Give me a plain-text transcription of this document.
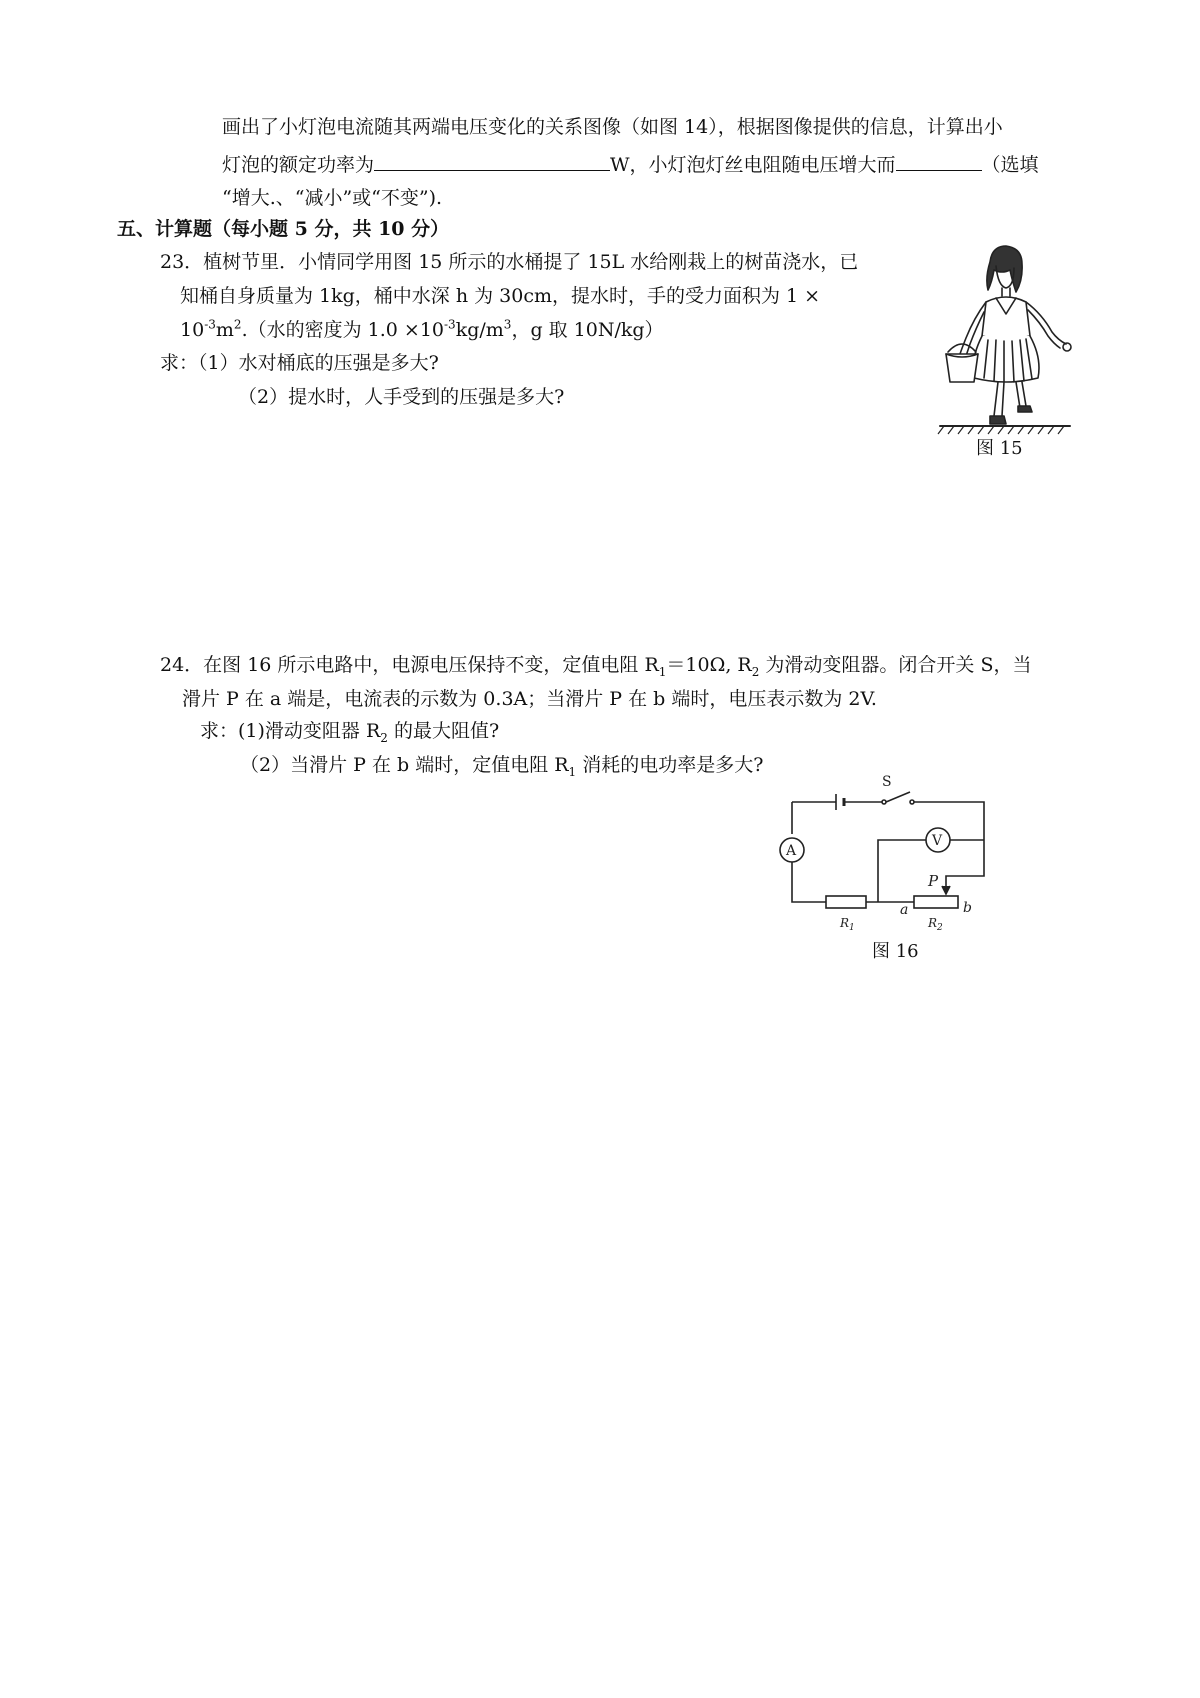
画出了小灯泡电流随其两端电压变化的关系图像（如图 14），根据图像提供的信息，计算出小
灯泡的额定功率为	W，小灯泡灯丝电阻随电压增大而	（选填
“增大.、“减小”或“不变”).
五、计算题（每小题 5 分，共 10 分）
23．植树节里．小情同学用图 15 所示的水桶提了 15L 水给刚栽上的树苗浇水，已
知桶自身质量为 1kg，桶中水深 h 为 30cm，提水时，手的受力面积为 1 ×
$10^{-3}m^2$.（水的密度为 $1.0 \times 10^{-3}kg/m^3$，g 取 10N/kg）
求：（1）水对桶底的压强是多大?
（2）提水时，人手受到的压强是多大?
图 15
24．在图 16 所示电路中，电源电压保持不变，定值电阻 $R_1=10\Omega$, $R_2$ 为滑动变阻器。闭合开关 S，当
滑片 P 在 a 端是，电流表的示数为 0.3A；当滑片 P 在 b 端时，电压表示数为 2V.
求：(1)滑动变阻器 $R_2$ 的最大阻值?
（2）当滑片 P 在 b 端时，定值电阻 $R_1$ 消耗的电功率是多大?
S
A
V
P
a	b
$R_1$	$R_2$
图 16
